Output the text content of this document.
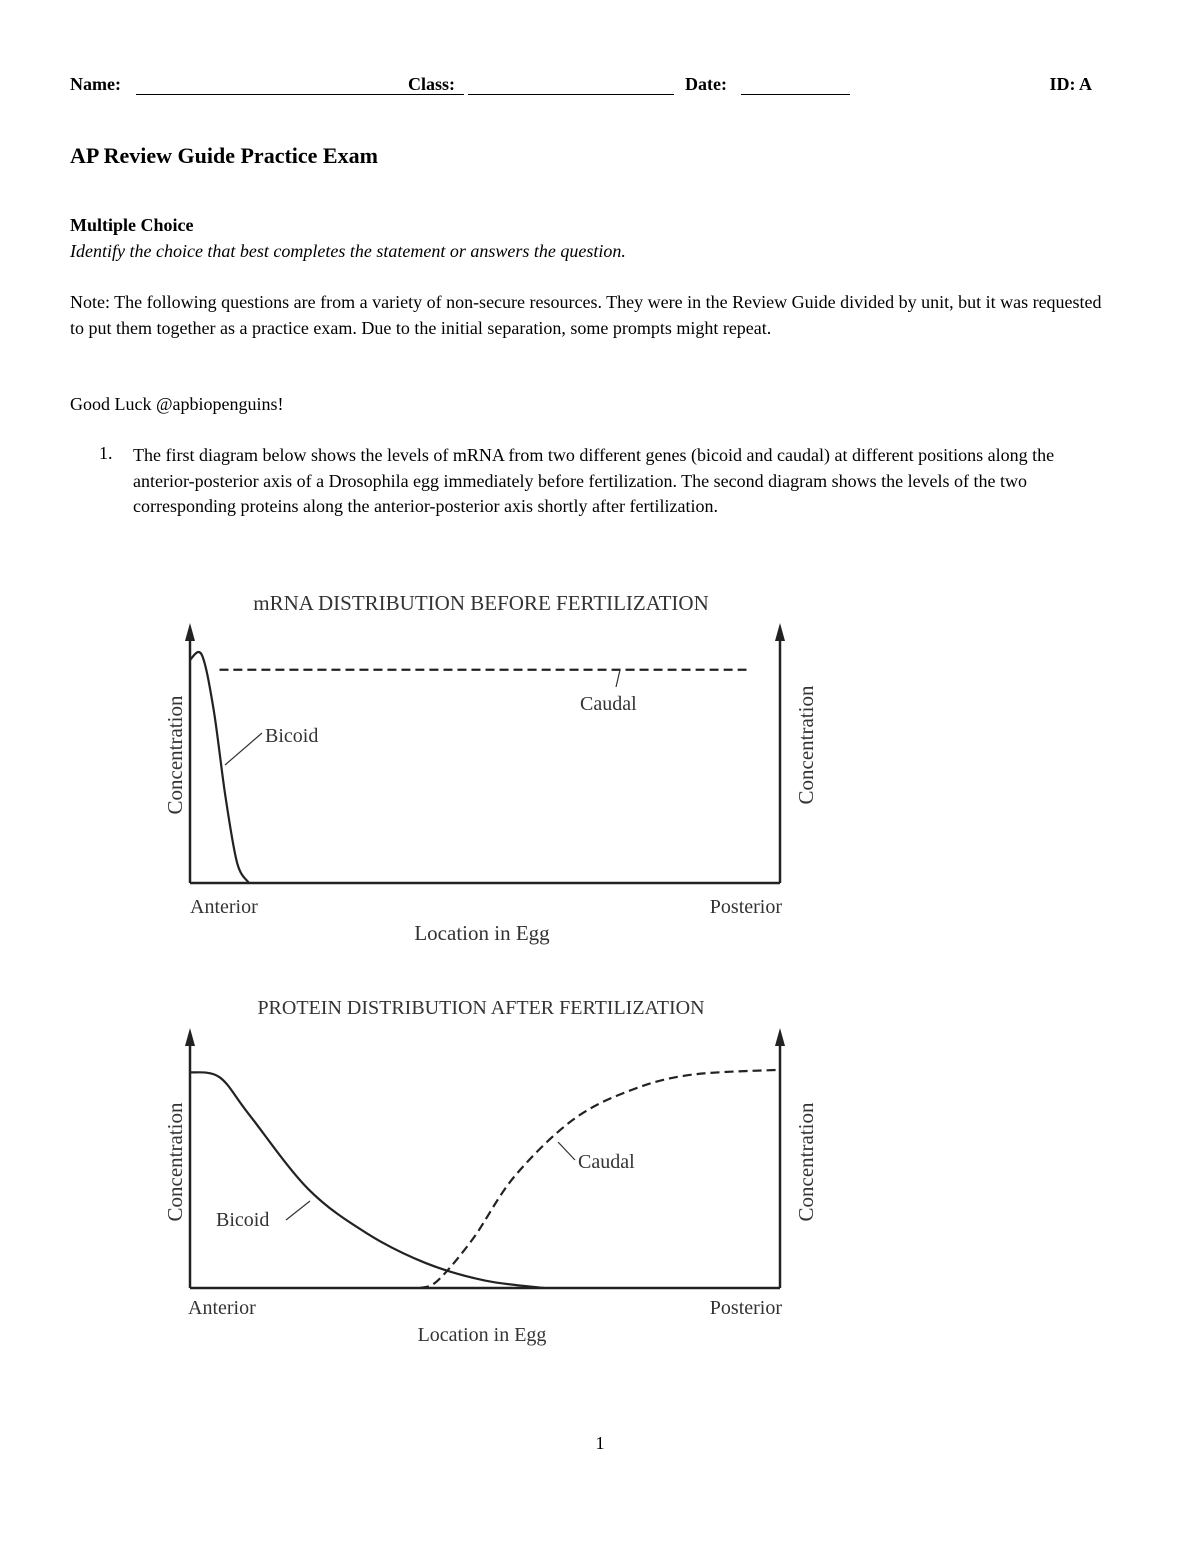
Name:	Class:	Date:	ID: A
AP Review Guide Practice Exam
Multiple Choice
Identify the choice that best completes the statement or answers the question.
Note: The following questions are from a variety of non-secure resources. They were in the Review Guide divided by unit, but it was requested to put them together as a practice exam. Due to the initial separation, some prompts might repeat.
Good Luck @apbiopenguins!
1. The first diagram below shows the levels of mRNA from two different genes (bicoid and caudal) at different positions along the anterior-posterior axis of a Drosophila egg immediately before fertilization. The second diagram shows the levels of the two corresponding proteins along the anterior-posterior axis shortly after fertilization.
mRNA DISTRIBUTION BEFORE FERTILIZATION
Anterior	Posterior
Location in Egg
Concentration	Concentration
Bicoid
Caudal
PROTEIN DISTRIBUTION AFTER FERTILIZATION
Anterior	Posterior
Location in Egg
Concentration	Concentration
Bicoid
Caudal
1
